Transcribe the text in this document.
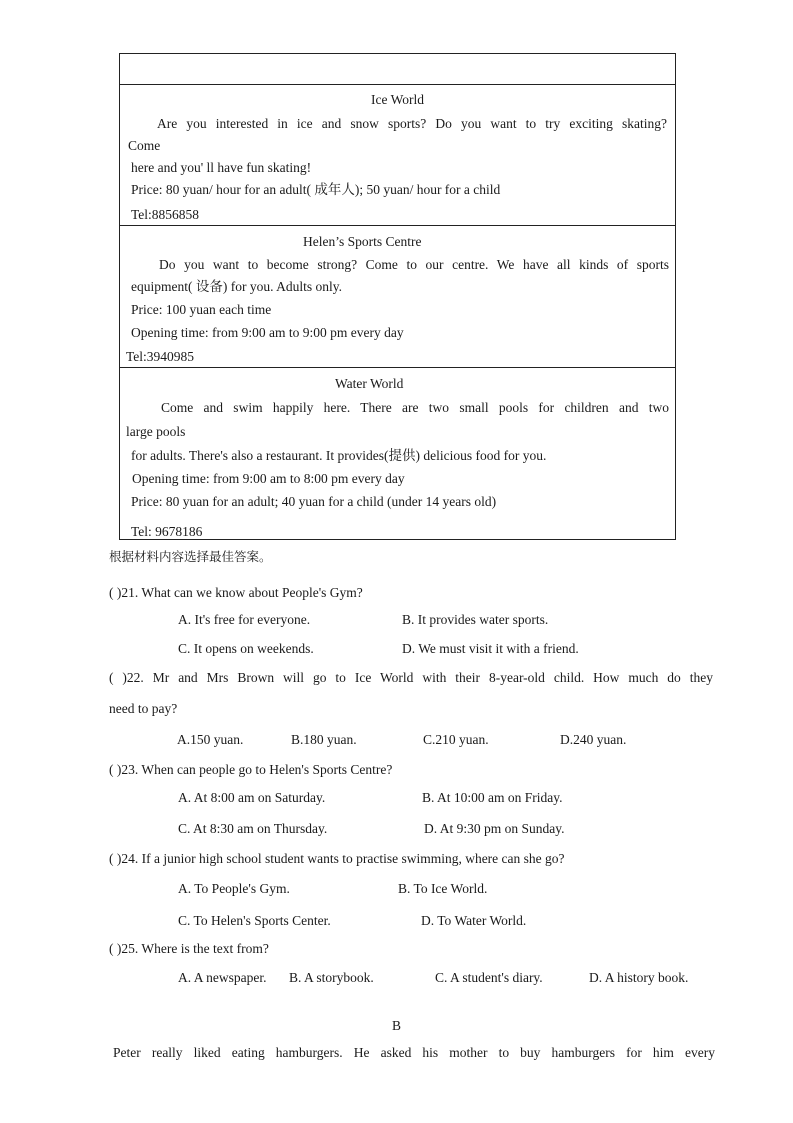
Ice World
Are you interested in ice and snow sports? Do you want to try exciting skating?
Come
here and you' ll have fun skating!
Price: 80 yuan/ hour for an adult( 成年人); 50 yuan/ hour for a child
Tel:8856858
Helen’s Sports Centre
Do you want to become strong? Come to our centre. We have all kinds of sports
equipment( 设备) for you. Adults only.
Price: 100 yuan each time
Opening time: from 9:00 am to 9:00 pm every day
Tel:3940985
Water World
Come and swim happily here. There are two small pools for children and two
large pools
for adults. There's also a restaurant. It provides(提供) delicious food for you.
Opening time: from 9:00 am to 8:00 pm every day
Price: 80 yuan for an adult; 40 yuan for a child (under 14 years old)
Tel: 9678186
根据材料内容选择最佳答案。
( )21. What can we know about People's Gym?
A. It's free for everyone.	B. It provides water sports.
C. It opens on weekends.	D. We must visit it with a friend.
( )22. Mr and Mrs Brown will go to Ice World with their 8-year-old child. How much do they
need to pay?
A.150 yuan.	B.180 yuan.	C.210 yuan.	D.240 yuan.
( )23. When can people go to Helen's Sports Centre?
A. At 8:00 am on Saturday.	B. At 10:00 am on Friday.
C. At 8:30 am on Thursday.	D. At 9:30 pm on Sunday.
( )24. If a junior high school student wants to practise swimming, where can she go?
A. To People's Gym.	B. To Ice World.
C. To Helen's Sports Center.	D. To Water World.
( )25. Where is the text from?
A. A newspaper. B. A storybook.	C. A student's diary.	D. A history book.
B
Peter really liked eating hamburgers. He asked his mother to buy hamburgers for him every
